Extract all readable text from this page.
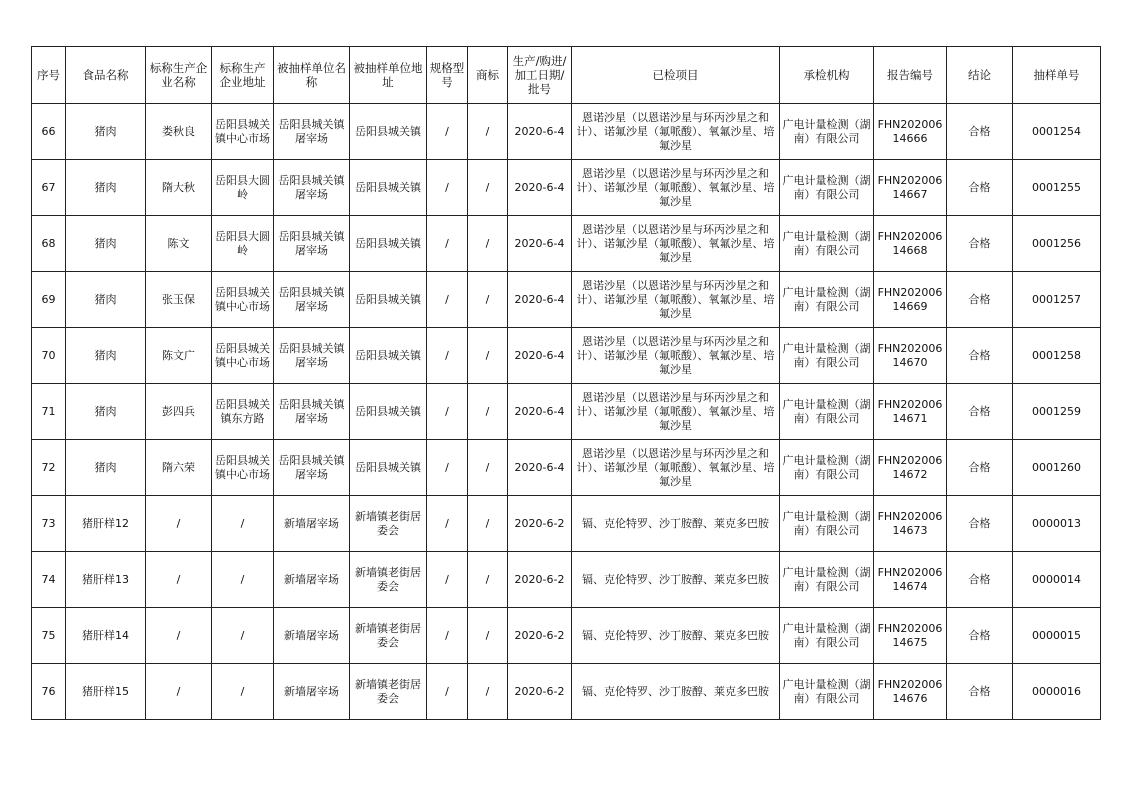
序号	食品名称	标称生产企业名称	标称生产企业地址	被抽样单位名称	被抽样单位地址	规格型号	商标	生产/购进/加工日期/批号	已检项目	承检机构	报告编号	结论	抽样单号
66	猪肉	娄秋良	岳阳县城关镇中心市场	岳阳县城关镇屠宰场	岳阳县城关镇	/	/	2020-6-4	恩诺沙星（以恩诺沙星与环丙沙星之和计）、诺氟沙星（氟哌酸）、氧氟沙星、培氟沙星	广电计量检测（湖南）有限公司	FHN20200614666	合格	0001254
67	猪肉	隋大秋	岳阳县大圆岭	岳阳县城关镇屠宰场	岳阳县城关镇	/	/	2020-6-4	恩诺沙星（以恩诺沙星与环丙沙星之和计）、诺氟沙星（氟哌酸）、氧氟沙星、培氟沙星	广电计量检测（湖南）有限公司	FHN20200614667	合格	0001255
68	猪肉	陈文	岳阳县大圆岭	岳阳县城关镇屠宰场	岳阳县城关镇	/	/	2020-6-4	恩诺沙星（以恩诺沙星与环丙沙星之和计）、诺氟沙星（氟哌酸）、氧氟沙星、培氟沙星	广电计量检测（湖南）有限公司	FHN20200614668	合格	0001256
69	猪肉	张玉保	岳阳县城关镇中心市场	岳阳县城关镇屠宰场	岳阳县城关镇	/	/	2020-6-4	恩诺沙星（以恩诺沙星与环丙沙星之和计）、诺氟沙星（氟哌酸）、氧氟沙星、培氟沙星	广电计量检测（湖南）有限公司	FHN20200614669	合格	0001257
70	猪肉	陈文广	岳阳县城关镇中心市场	岳阳县城关镇屠宰场	岳阳县城关镇	/	/	2020-6-4	恩诺沙星（以恩诺沙星与环丙沙星之和计）、诺氟沙星（氟哌酸）、氧氟沙星、培氟沙星	广电计量检测（湖南）有限公司	FHN20200614670	合格	0001258
71	猪肉	彭四兵	岳阳县城关镇东方路	岳阳县城关镇屠宰场	岳阳县城关镇	/	/	2020-6-4	恩诺沙星（以恩诺沙星与环丙沙星之和计）、诺氟沙星（氟哌酸）、氧氟沙星、培氟沙星	广电计量检测（湖南）有限公司	FHN20200614671	合格	0001259
72	猪肉	隋六荣	岳阳县城关镇中心市场	岳阳县城关镇屠宰场	岳阳县城关镇	/	/	2020-6-4	恩诺沙星（以恩诺沙星与环丙沙星之和计）、诺氟沙星（氟哌酸）、氧氟沙星、培氟沙星	广电计量检测（湖南）有限公司	FHN20200614672	合格	0001260
73	猪肝样12	/	/	新墙屠宰场	新墙镇老街居委会	/	/	2020-6-2	镉、克伦特罗、沙丁胺醇、莱克多巴胺	广电计量检测（湖南）有限公司	FHN20200614673	合格	0000013
74	猪肝样13	/	/	新墙屠宰场	新墙镇老街居委会	/	/	2020-6-2	镉、克伦特罗、沙丁胺醇、莱克多巴胺	广电计量检测（湖南）有限公司	FHN20200614674	合格	0000014
75	猪肝样14	/	/	新墙屠宰场	新墙镇老街居委会	/	/	2020-6-2	镉、克伦特罗、沙丁胺醇、莱克多巴胺	广电计量检测（湖南）有限公司	FHN20200614675	合格	0000015
76	猪肝样15	/	/	新墙屠宰场	新墙镇老街居委会	/	/	2020-6-2	镉、克伦特罗、沙丁胺醇、莱克多巴胺	广电计量检测（湖南）有限公司	FHN20200614676	合格	0000016
